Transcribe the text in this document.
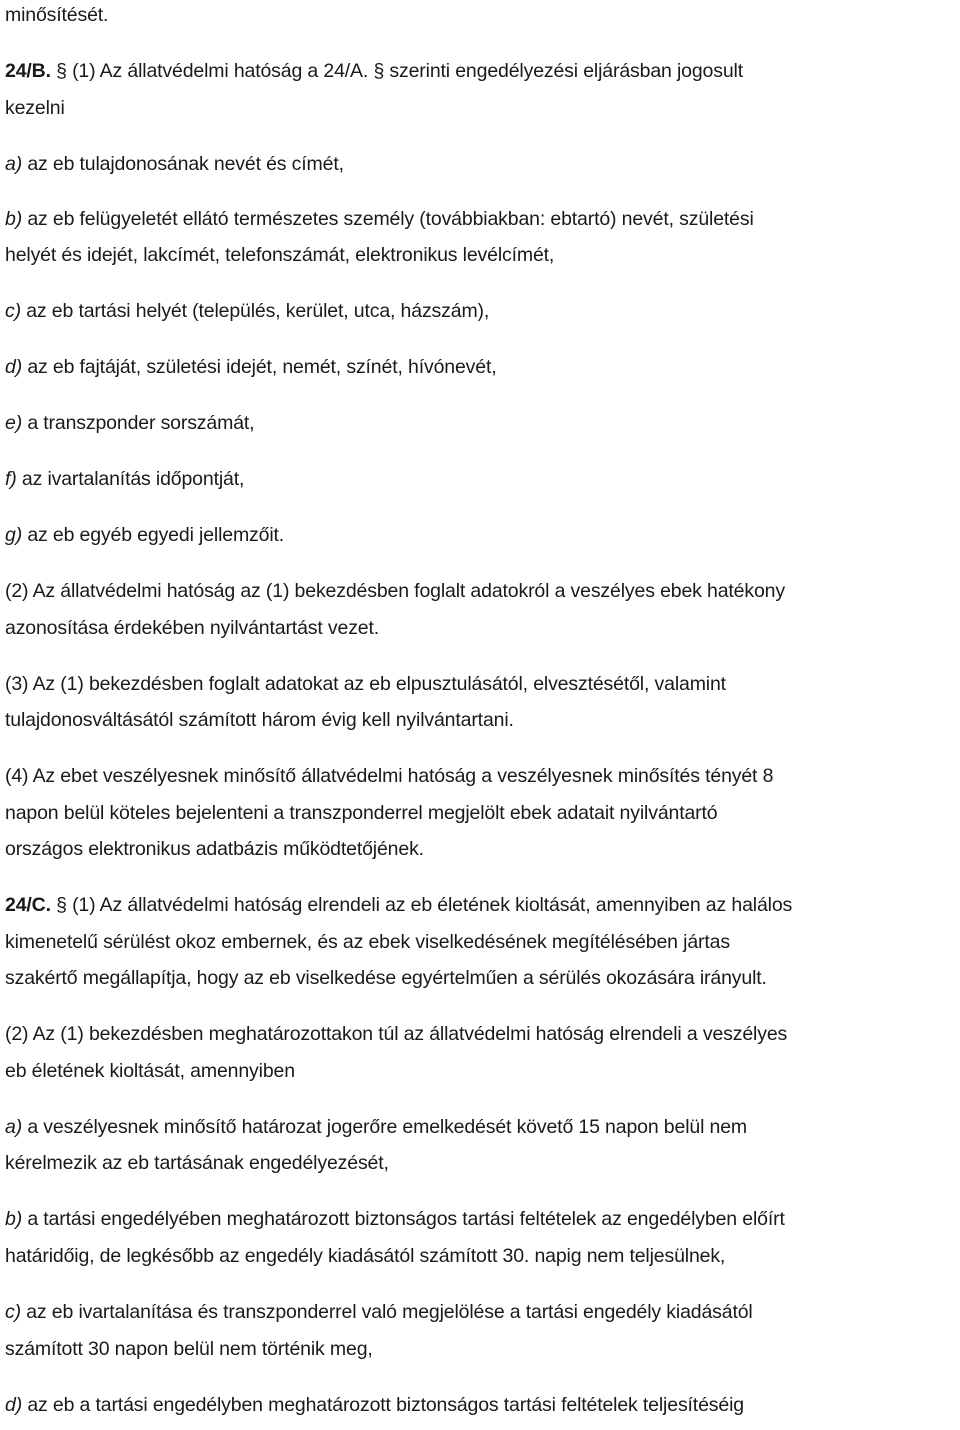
minősítését.
24/B. § (1) Az állatvédelmi hatóság a 24/A. § szerinti engedélyezési eljárásban jogosult
kezelni
a) az eb tulajdonosának nevét és címét,
b) az eb felügyeletét ellátó természetes személy (továbbiakban: ebtartó) nevét, születési
helyét és idejét, lakcímét, telefonszámát, elektronikus levélcímét,
c) az eb tartási helyét (település, kerület, utca, házszám),
d) az eb fajtáját, születési idejét, nemét, színét, hívónevét,
e) a transzponder sorszámát,
f) az ivartalanítás időpontját,
g) az eb egyéb egyedi jellemzőit.
(2) Az állatvédelmi hatóság az (1) bekezdésben foglalt adatokról a veszélyes ebek hatékony
azonosítása érdekében nyilvántartást vezet.
(3) Az (1) bekezdésben foglalt adatokat az eb elpusztulásától, elvesztésétől, valamint
tulajdonosváltásától számított három évig kell nyilvántartani.
(4) Az ebet veszélyesnek minősítő állatvédelmi hatóság a veszélyesnek minősítés tényét 8
napon belül köteles bejelenteni a transzponderrel megjelölt ebek adatait nyilvántartó
országos elektronikus adatbázis működtetőjének.
24/C. § (1) Az állatvédelmi hatóság elrendeli az eb életének kioltását, amennyiben az halálos
kimenetelű sérülést okoz embernek, és az ebek viselkedésének megítélésében jártas
szakértő megállapítja, hogy az eb viselkedése egyértelműen a sérülés okozására irányult.
(2) Az (1) bekezdésben meghatározottakon túl az állatvédelmi hatóság elrendeli a veszélyes
eb életének kioltását, amennyiben
a) a veszélyesnek minősítő határozat jogerőre emelkedését követő 15 napon belül nem
kérelmezik az eb tartásának engedélyezését,
b) a tartási engedélyében meghatározott biztonságos tartási feltételek az engedélyben előírt
határidőig, de legkésőbb az engedély kiadásától számított 30. napig nem teljesülnek,
c) az eb ivartalanítása és transzponderrel való megjelölése a tartási engedély kiadásától
számított 30 napon belül nem történik meg,
d) az eb a tartási engedélyben meghatározott biztonságos tartási feltételek teljesítéséig
